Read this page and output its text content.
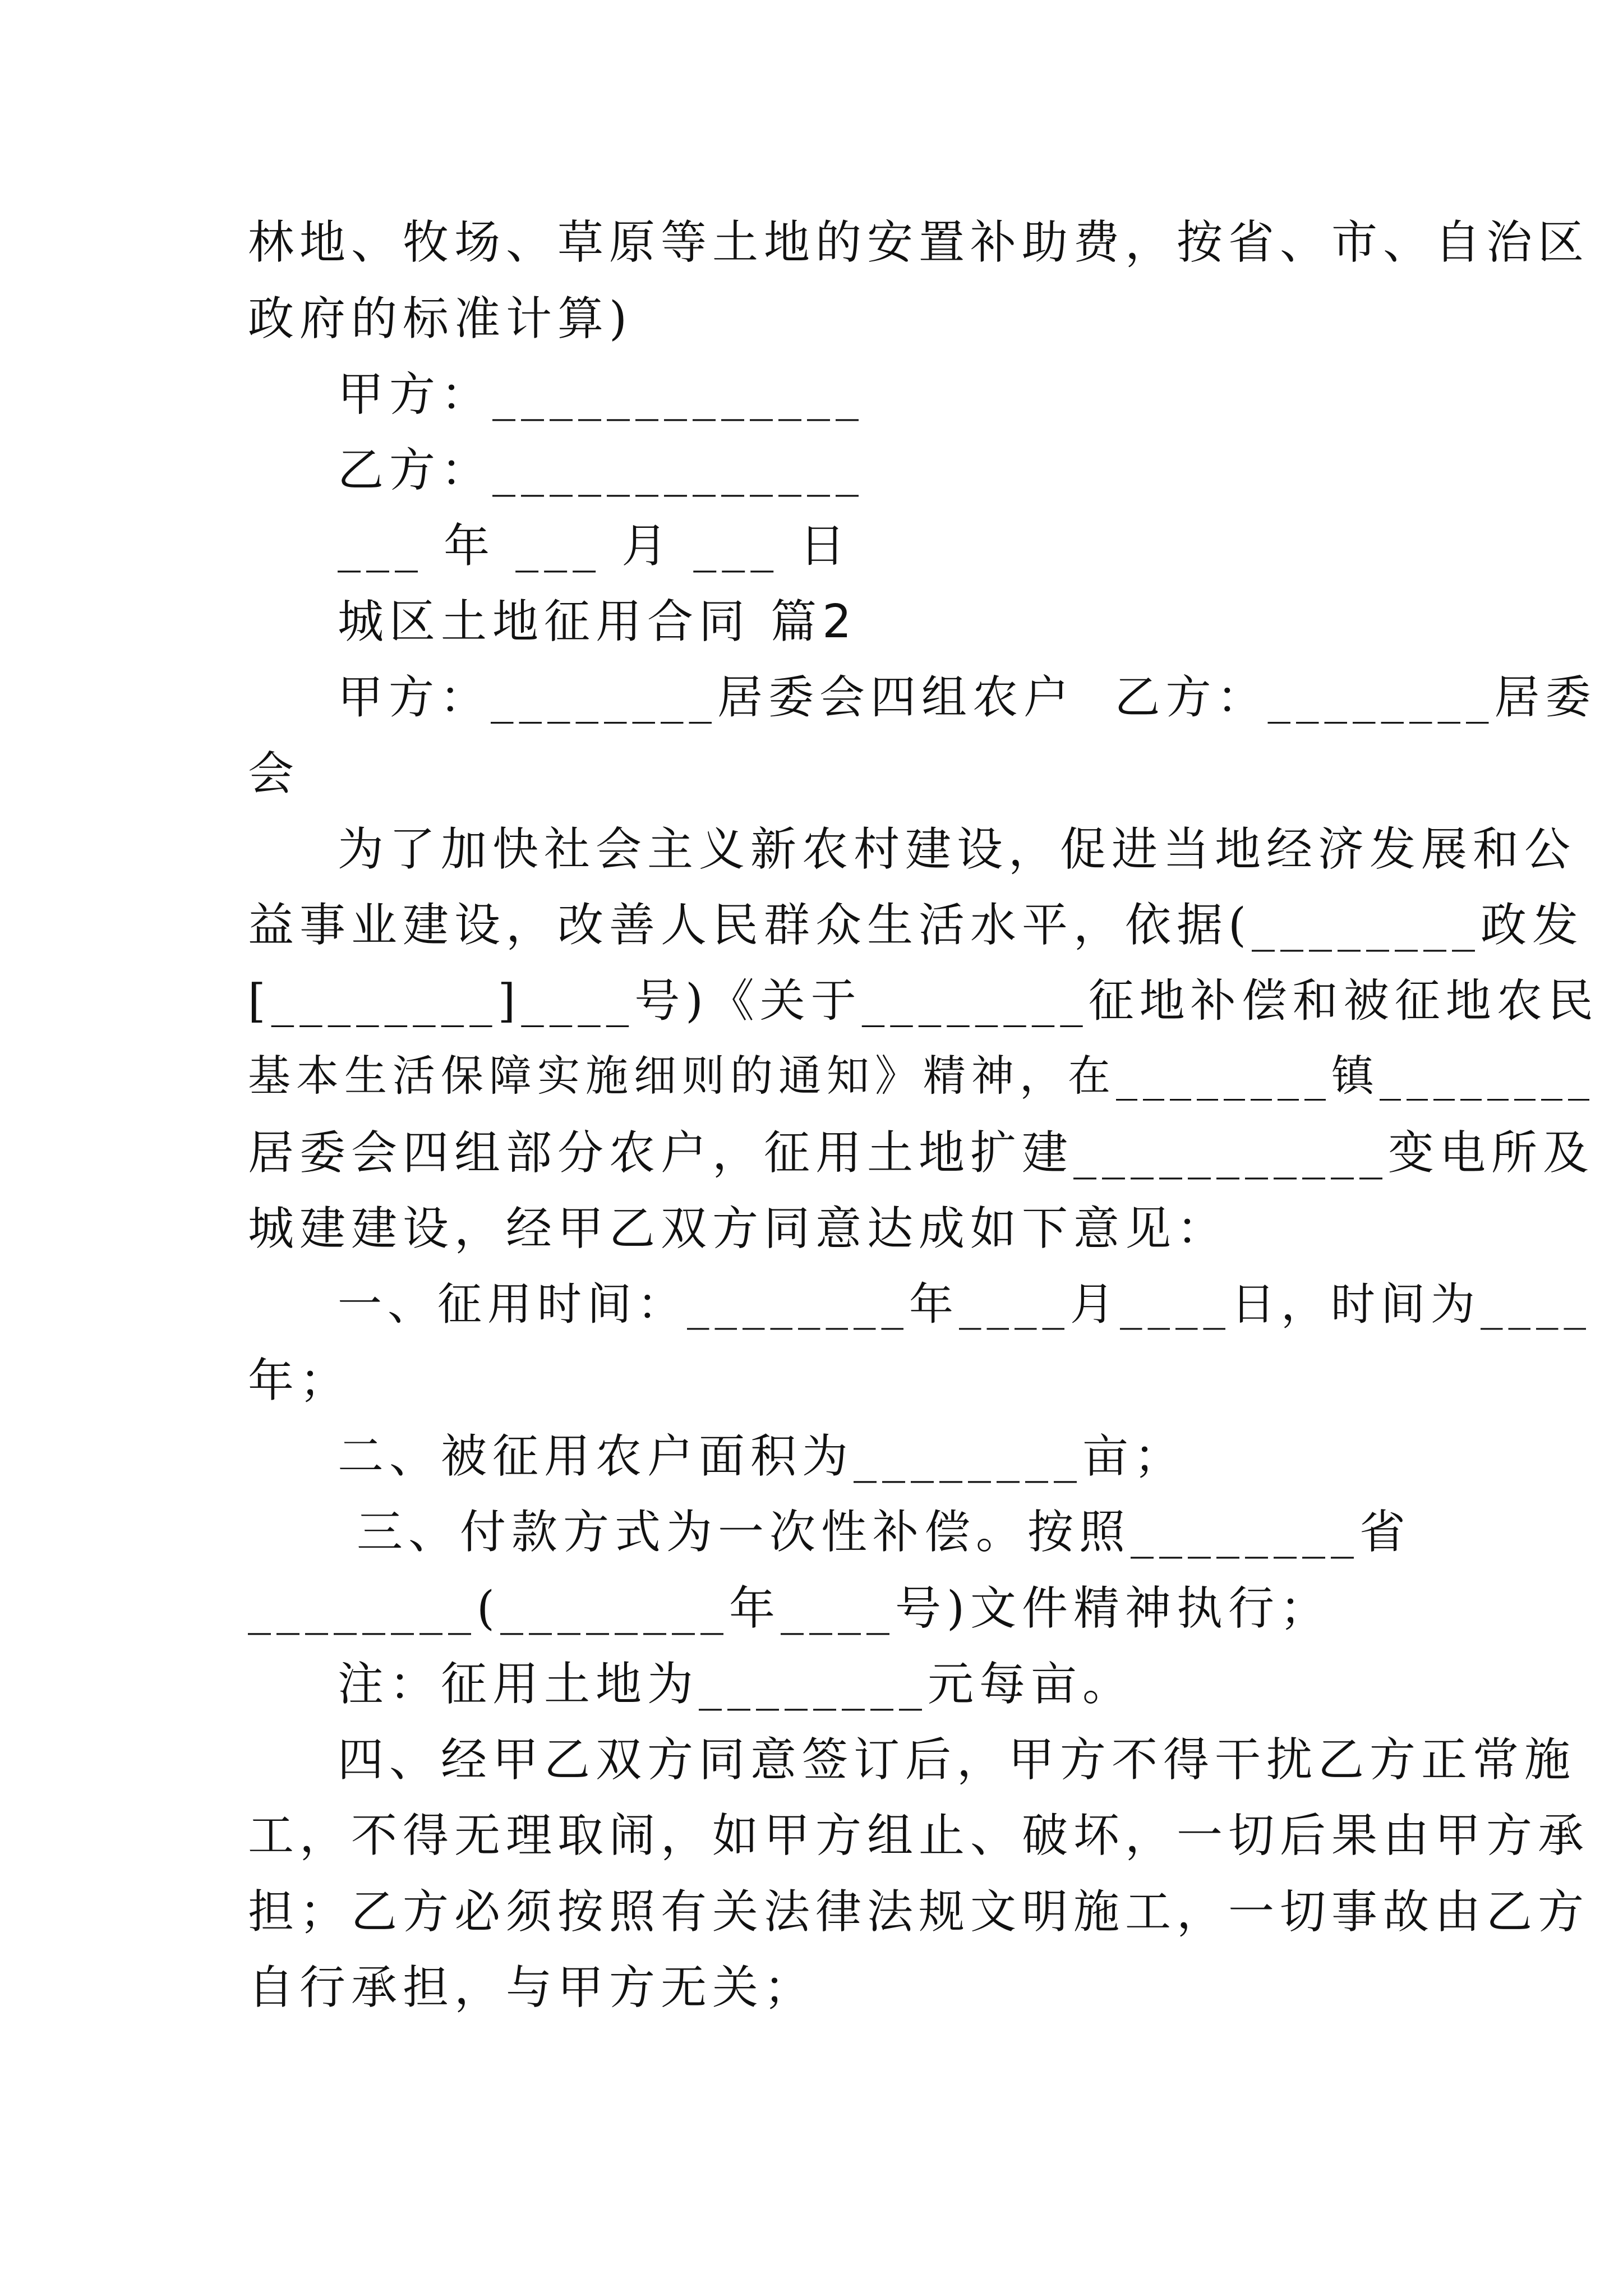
林地、牧场、草原等土地的安置补助费，按省、市、自治区
政府的标准计算)
甲方：_____________
乙方：_____________
___ 年 ___ 月 ___ 日
城区土地征用合同 篇2
甲方：________居委会四组农户  乙方：________居委
会
为了加快社会主义新农村建设，促进当地经济发展和公
益事业建设，改善人民群众生活水平，依据(________政发
[________]____号)《关于________征地补偿和被征地农民
基本生活保障实施细则的通知》精神，在________镇________
居委会四组部分农户，征用土地扩建___________变电所及
城建建设，经甲乙双方同意达成如下意见：
一、征用时间：________年____月____日，时间为____
年；
二、被征用农户面积为________亩；
三、付款方式为一次性补偿。按照________省
________(________年____号)文件精神执行；
注：征用土地为________元每亩。
四、经甲乙双方同意签订后，甲方不得干扰乙方正常施
工，不得无理取闹，如甲方组止、破坏，一切后果由甲方承
担；乙方必须按照有关法律法规文明施工，一切事故由乙方
自行承担，与甲方无关；
